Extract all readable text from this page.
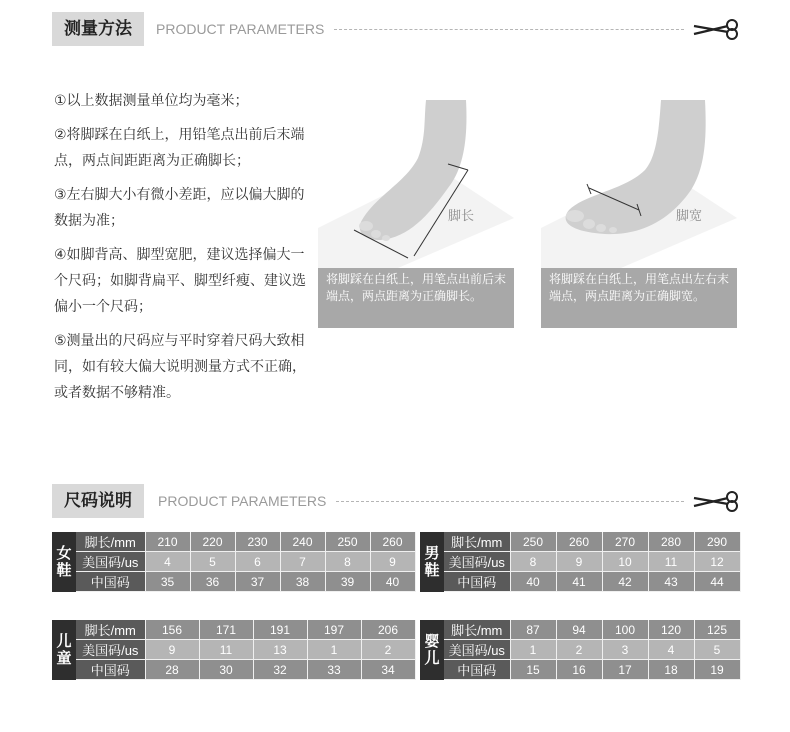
测量方法	PRODUCT PARAMETERS

①以上数据测量单位均为毫米；

②将脚踩在白纸上，用铅笔点出前后末端点，两点间距距离为正确脚长；

③左右脚大小有微小差距，应以偏大脚的数据为准；

④如脚背高、脚型宽肥，建议选择偏大一个尺码；如脚背扁平、脚型纤瘦、建议选偏小一个尺码；

⑤测量出的尺码应与平时穿着尺码大致相同，如有较大偏大说明测量方式不正确，或者数据不够精准。

脚长
将脚踩在白纸上，用笔点出前后末端点，两点距离为正确脚长。
脚宽
将脚踩在白纸上，用笔点出左右末端点，两点距离为正确脚宽。
尺码说明	PRODUCT PARAMETERS
女
鞋
脚长/mm	210	220	230	240	250	260
美国码/us	4	5	6	7	8	9
中国码	35	36	37	38	39	40
男
鞋
脚长/mm	250	260	270	280	290
美国码/us	8	9	10	11	12
中国码	40	41	42	43	44
儿
童
脚长/mm	156	171	191	197	206
美国码/us	9	11	13	1	2
中国码	28	30	32	33	34
婴
儿
脚长/mm	87	94	100	120	125
美国码/us	1	2	3	4	5
中国码	15	16	17	18	19
